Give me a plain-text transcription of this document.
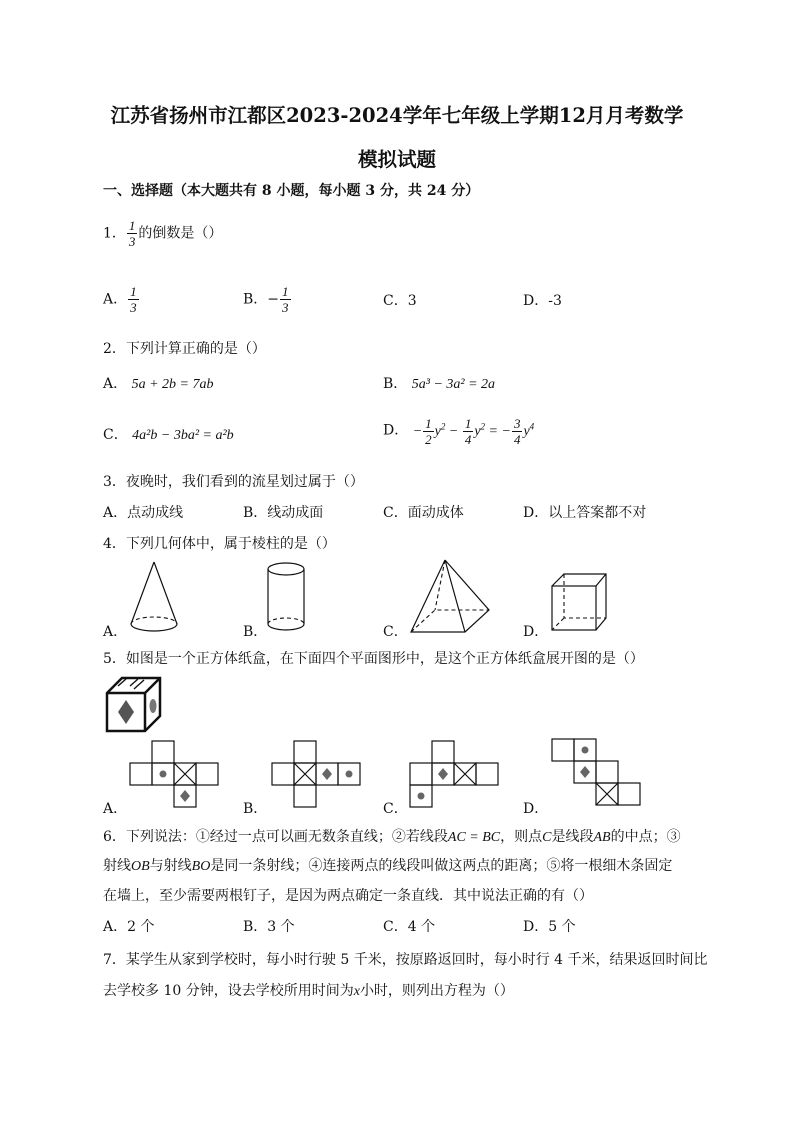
江苏省扬州市江都区2023-2024学年七年级上学期12月月考数学
模拟试题
一、选择题（本大题共有 8 小题，每小题 3 分，共 24 分）
1． $\frac{1}{3}$ 的倒数是（）
A． $\frac{1}{3}$	B．− $\frac{1}{3}$	C．3	D．-3
2．下列计算正确的是（）
A． 5a + 2b = 7ab	B． 5a³ − 3a² = 2a
C． 4a²b − 3ba² = a²b	D． − $\frac{1}{2} y^2 - \frac{1}{4} y^2$ = − $\frac{3}{4} y^4$
3．夜晚时，我们看到的流星划过属于（）
A．点动成线	B．线动成面	C．面动成体	D．以上答案都不对
4．下列几何体中，属于棱柱的是（）
A．	B．	C．	D．
5．如图是一个正方体纸盒，在下面四个平面图形中，是这个正方体纸盒展开图的是（）
A．	B．	C．	D．
6．下列说法：①经过一点可以画无数条直线；②若线段AC = BC，则点C是线段AB的中点；③
射线OB与射线BO是同一条射线；④连接两点的线段叫做这两点的距离；⑤将一根细木条固定
在墙上，至少需要两根钉子，是因为两点确定一条直线．其中说法正确的有（）
A．2 个	B．3 个	C．4 个	D．5 个
7．某学生从家到学校时，每小时行驶 5 千米，按原路返回时，每小时行 4 千米，结果返回时间比
去学校多 10 分钟，设去学校所用时间为x小时，则列出方程为（）
